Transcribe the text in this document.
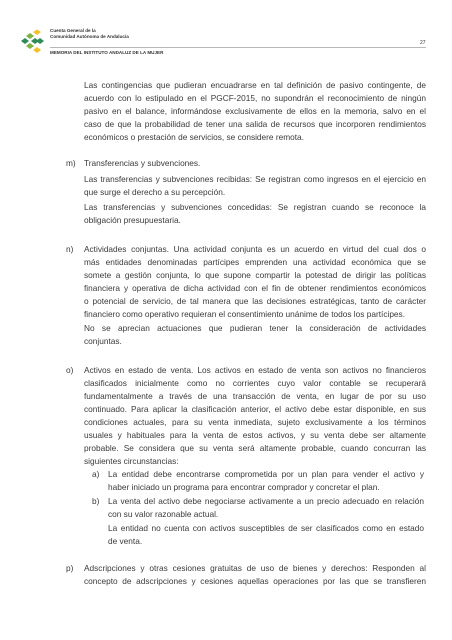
Cuenta General de la
Comunidad Autónoma de Andalucía
27
MEMORIA DEL INSTITUTO ANDALUZ DE LA MUJER
Las contingencias que pudieran encuadrarse en tal definición de pasivo contingente, de
acuerdo con lo estipulado en el PGCF-2015, no supondrán el reconocimiento de ningún
pasivo en el balance, informándose exclusivamente de ellos en la memoria, salvo en el
caso de que la probabilidad de tener una salida de recursos que incorporen rendimientos
económicos o prestación de servicios, se considere remota.
m) Transferencias y subvenciones.
Las transferencias y subvenciones recibidas: Se registran como ingresos en el ejercicio en
que surge el derecho a su percepción.
Las transferencias y subvenciones concedidas: Se registran cuando se reconoce la
obligación presupuestaria.
n) Actividades conjuntas. Una actividad conjunta es un acuerdo en virtud del cual dos o
más entidades denominadas partícipes emprenden una actividad económica que se
somete a gestión conjunta, lo que supone compartir la potestad de dirigir las políticas
financiera y operativa de dicha actividad con el fin de obtener rendimientos económicos
o potencial de servicio, de tal manera que las decisiones estratégicas, tanto de carácter
financiero como operativo requieran el consentimiento unánime de todos los partícipes.
No se aprecian actuaciones que pudieran tener la consideración de actividades
conjuntas.
o) Activos en estado de venta. Los activos en estado de venta son activos no financieros
clasificados inicialmente como no corrientes cuyo valor contable se recuperará
fundamentalmente a través de una transacción de venta, en lugar de por su uso
continuado. Para aplicar la clasificación anterior, el activo debe estar disponible, en sus
condiciones actuales, para su venta inmediata, sujeto exclusivamente a los términos
usuales y habituales para la venta de estos activos, y su venta debe ser altamente
probable. Se considera que su venta será altamente probable, cuando concurran las
siguientes circunstancias:
a) La entidad debe encontrarse comprometida por un plan para vender el activo y
haber iniciado un programa para encontrar comprador y concretar el plan.
b) La venta del activo debe negociarse activamente a un precio adecuado en relación
con su valor razonable actual.
La entidad no cuenta con activos susceptibles de ser clasificados como en estado
de venta.
p) Adscripciones y otras cesiones gratuitas de uso de bienes y derechos: Responden al
concepto de adscripciones y cesiones aquellas operaciones por las que se transfieren
